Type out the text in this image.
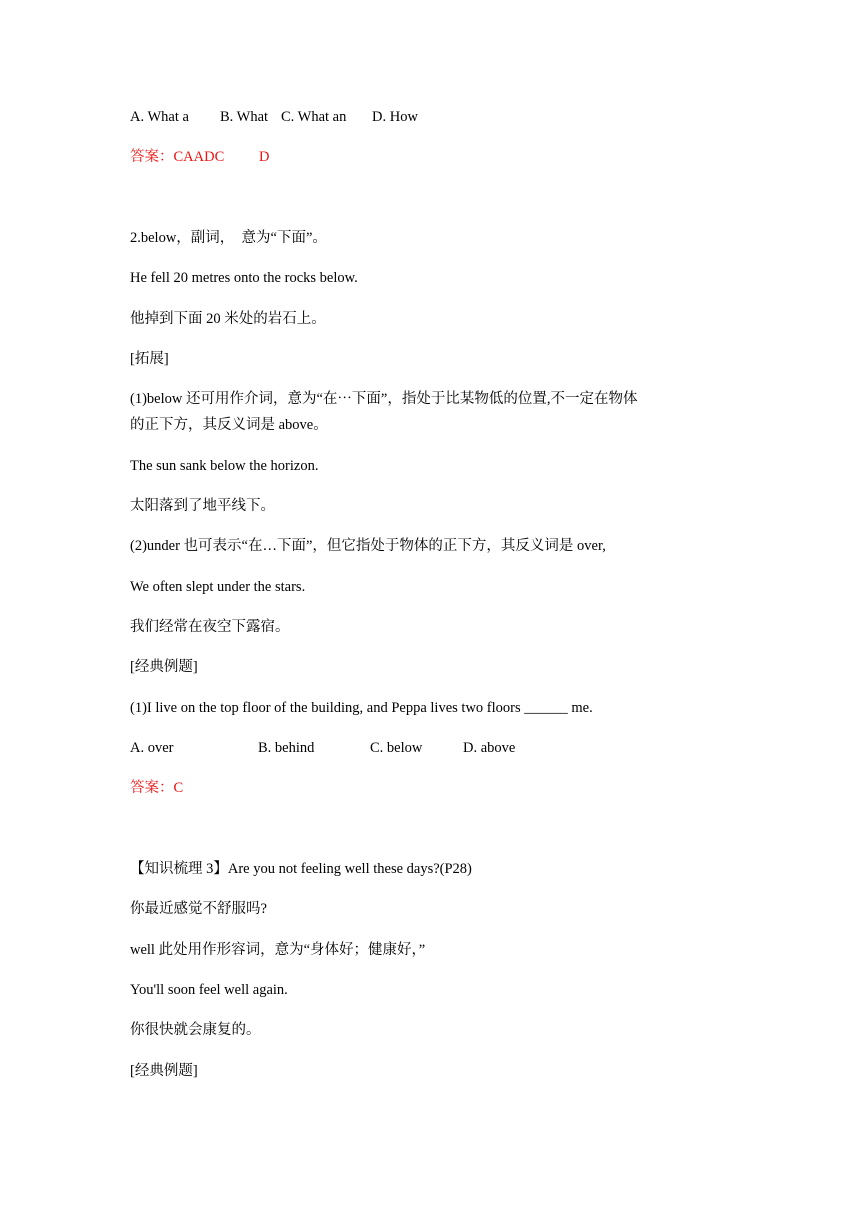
A. What a B. What C. What an D. How
答案：CAADC D
2.below，副词，　意为“下面”。
He fell 20 metres onto the rocks below.
他掉到下面 20 米处的岩石上。
[拓展]
(1)below 还可用作介词，意为“在⋯下面”，指处于比某物低的位置,不一定在物体
的正下方，其反义词是 above。
The sun sank below the horizon.
太阳落到了地平线下。
(2)under 也可表示“在…下面”，但它指处于物体的正下方，其反义词是 over,
We often slept under the stars.
我们经常在夜空下露宿。
[经典例题]
(1)I live on the top floor of the building, and Peppa lives two floors ______ me.
A. over	B. behind	C. below	D. above
答案：C
【知识梳理 3】Are you not feeling well these days?(P28)
你最近感觉不舒服吗?
well 此处用作形容词，意为“身体好；健康好，”
You'll soon feel well again.
你很快就会康复的。
[经典例题]
